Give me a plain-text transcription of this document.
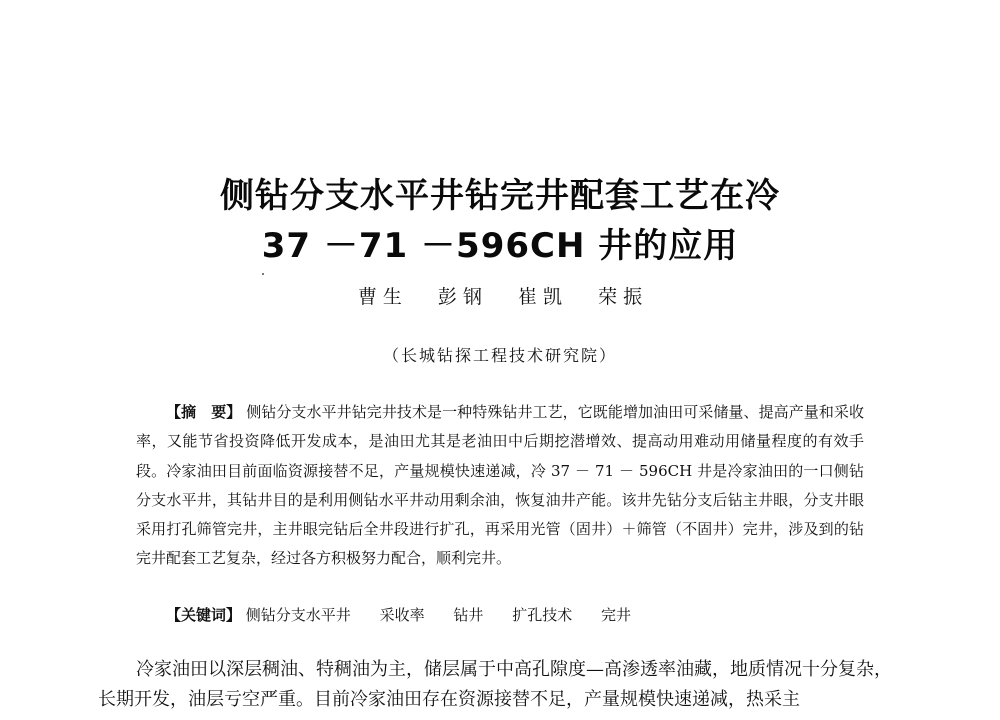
侧钻分支水平井钻完井配套工艺在冷
37 －71 －596CH 井的应用
曹 生 彭 钢 崔 凯 荣 振
（长城钻探工程技术研究院）

【摘　要】 侧钻分支水平井钻完井技术是一种特殊钻井工艺，它既能增加油田可采储量、提高产量和采收率，又能节省投资降低开发成本，是油田尤其是老油田中后期挖潜增效、提高动用难动用储量程度的有效手段。冷家油田目前面临资源接替不足，产量规模快速递减，冷 37 － 71 － 596CH 井是冷家油田的一口侧钻分支水平井，其钻井目的是利用侧钻水平井动用剩余油，恢复油井产能。该井先钻分支后钻主井眼，分支井眼采用打孔筛管完井，主井眼完钻后全井段进行扩孔，再采用光管（固井）＋筛管（不固井）完井，涉及到的钻完井配套工艺复杂，经过各方积极努力配合，顺利完井。

【关键词】 侧钻分支水平井 采收率 钻井 扩孔技术 完井

冷家油田以深层稠油、特稠油为主，储层属于中高孔隙度—高渗透率油藏，地质情况十分复杂，长期开发，油层亏空严重。目前冷家油田存在资源接替不足，产量规模快速递减，热采主
